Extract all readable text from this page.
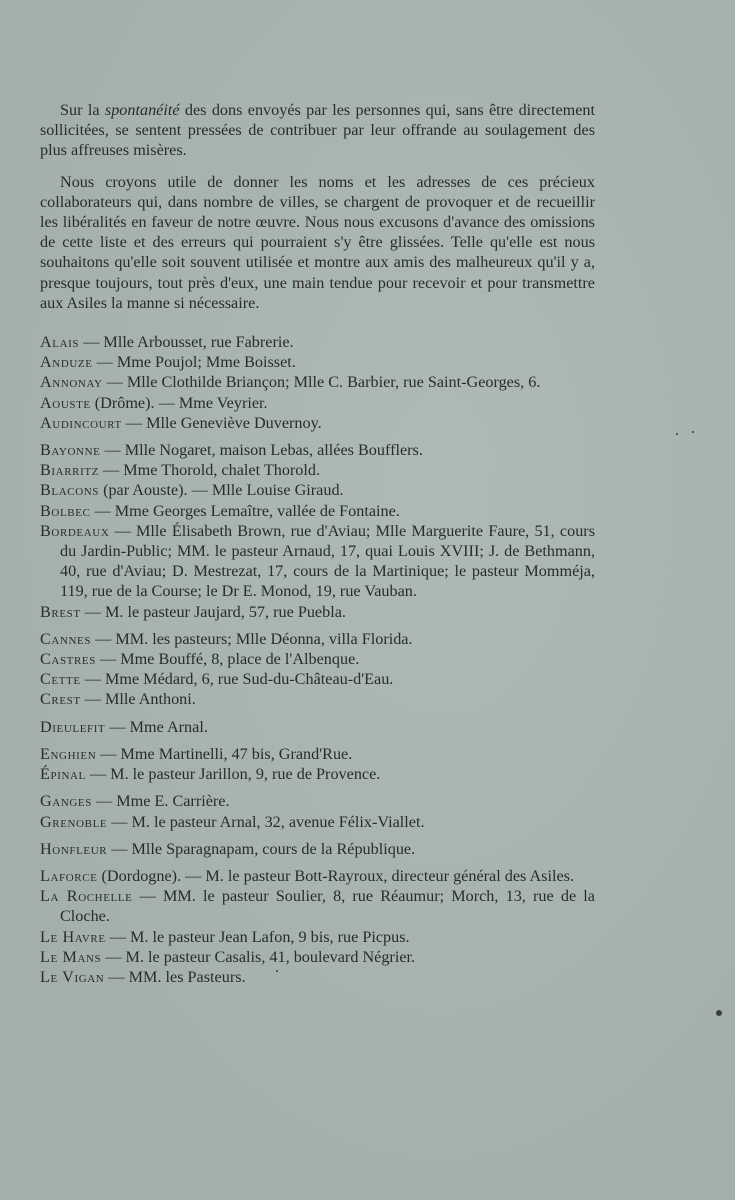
Sur la spontanéité des dons envoyés par les personnes qui, sans être directement sollicitées, se sentent pressées de contribuer par leur offrande au soulagement des plus affreuses misères.

Nous croyons utile de donner les noms et les adresses de ces précieux collaborateurs qui, dans nombre de villes, se chargent de provoquer et de recueillir les libéralités en faveur de notre œuvre. Nous nous excusons d'avance des omissions de cette liste et des erreurs qui pourraient s'y être glissées. Telle qu'elle est nous souhaitons qu'elle soit souvent utilisée et montre aux amis des malheureux qu'il y a, presque toujours, tout près d'eux, une main tendue pour recevoir et pour transmettre aux Asiles la manne si nécessaire.

Alais — Mlle Arbousset, rue Fabrerie.
Anduze — Mme Poujol; Mme Boisset.
Annonay — Mlle Clothilde Briançon; Mlle C. Barbier, rue Saint-Georges, 6.
Aouste (Drôme). — Mme Veyrier.
Audincourt — Mlle Geneviève Duvernoy.
Bayonne — Mlle Nogaret, maison Lebas, allées Boufflers.
Biarritz — Mme Thorold, chalet Thorold.
Blacons (par Aouste). — Mlle Louise Giraud.
Bolbec — Mme Georges Lemaître, vallée de Fontaine.
Bordeaux — Mlle Élisabeth Brown, rue d'Aviau; Mlle Marguerite Faure, 51, cours du Jardin-Public; MM. le pasteur Arnaud, 17, quai Louis XVIII; J. de Bethmann, 40, rue d'Aviau; D. Mestrezat, 17, cours de la Martinique; le pasteur Momméja, 119, rue de la Course; le Dr E. Monod, 19, rue Vauban.
Brest — M. le pasteur Jaujard, 57, rue Puebla.
Cannes — MM. les pasteurs; Mlle Déonna, villa Florida.
Castres — Mme Bouffé, 8, place de l'Albenque.
Cette — Mme Médard, 6, rue Sud-du-Château-d'Eau.
Crest — Mlle Anthoni.
Dieulefit — Mme Arnal.
Enghien — Mme Martinelli, 47 bis, Grand'Rue.
Épinal — M. le pasteur Jarillon, 9, rue de Provence.
Ganges — Mme E. Carrière.
Grenoble — M. le pasteur Arnal, 32, avenue Félix-Viallet.
Honfleur — Mlle Sparagnapam, cours de la République.
Laforce (Dordogne). — M. le pasteur Bott-Rayroux, directeur général des Asiles.
La Rochelle — MM. le pasteur Soulier, 8, rue Réaumur; Morch, 13, rue de la Cloche.
Le Havre — M. le pasteur Jean Lafon, 9 bis, rue Picpus.
Le Mans — M. le pasteur Casalis, 41, boulevard Négrier.
Le Vigan — MM. les Pasteurs.
